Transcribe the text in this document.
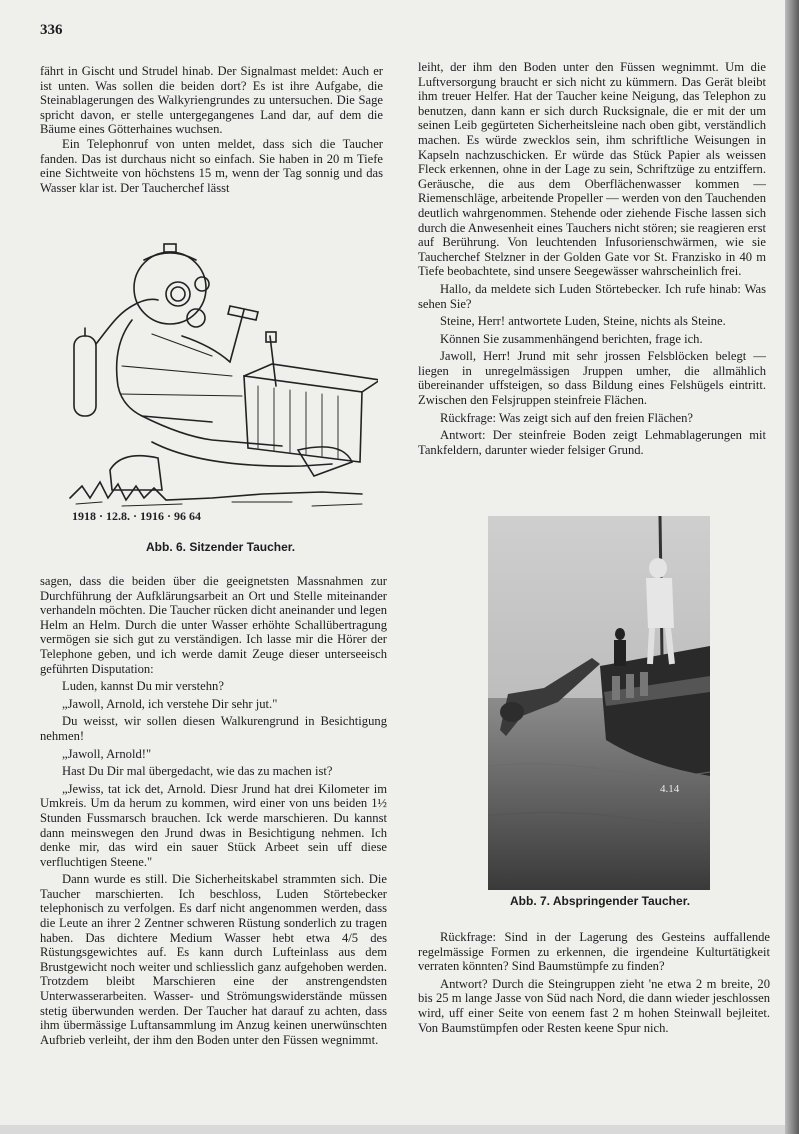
336

fährt in Gischt und Strudel hinab. Der Signalmast meldet: Auch er ist unten. Was sollen die beiden dort? Es ist ihre Aufgabe, die Steinablagerungen des Walkyriengrundes zu untersuchen. Die Sage spricht davon, er stelle untergegangenes Land dar, auf dem die Bäume eines Götterhaines wuchsen.

Ein Telephonruf von unten meldet, dass sich die Taucher fanden. Das ist durchaus nicht so einfach. Sie haben in 20 m Tiefe eine Sichtweite von höchstens 15 m, wenn der Tag sonnig und das Wasser klar ist. Der Taucherchef lässt

1918 · 12.8. · 1916 · 96 64
Abb. 6. Sitzender Taucher.

sagen, dass die beiden über die geeignetsten Massnahmen zur Durchführung der Aufklärungsarbeit an Ort und Stelle miteinander verhandeln möchten. Die Taucher rücken dicht aneinander und legen Helm an Helm. Durch die unter Wasser erhöhte Schallübertragung vermögen sie sich gut zu verständigen. Ich lasse mir die Hörer der Telephone geben, und ich werde damit Zeuge dieser unterseeisch geführten Disputation:

Luden, kannst Du mir verstehn?

„Jawoll, Arnold, ich verstehe Dir sehr jut."

Du weisst, wir sollen diesen Walkurengrund in Besichtigung nehmen!

„Jawoll, Arnold!"

Hast Du Dir mal übergedacht, wie das zu machen ist?

„Jewiss, tat ick det, Arnold. Diesr Jrund hat drei Kilometer im Umkreis. Um da herum zu kommen, wird einer von uns beiden 1½ Stunden Fussmarsch brauchen. Ick werde marschieren. Du kannst dann meinswegen den Jrund dwas in Besichtigung nehmen. Ich denke mir, das wird ein sauer Stück Arbeet sein uff diese verfluchtigen Steene."

Dann wurde es still. Die Sicherheitskabel strammten sich. Die Taucher marschierten. Ich beschloss, Luden Störtebecker telephonisch zu verfolgen. Es darf nicht angenommen werden, dass die Leute an ihrer 2 Zentner schweren Rüstung sonderlich zu tragen haben. Das dichtere Medium Wasser hebt etwa 4/5 des Rüstungsgewichtes auf. Es kann durch Lufteinlass aus dem Brustgewicht noch weiter und schliesslich ganz aufgehoben werden. Trotzdem bleibt Marschieren eine der anstrengendsten Unterwasserarbeiten. Wasser- und Strömungswiderstände müssen stetig überwunden werden. Der Taucher hat darauf zu achten, dass ihm übermässige Luftansammlung im Anzug keinen unerwünschten Aufbrieb verleiht, der ihm den Boden unter den Füssen wegnimmt.

leiht, der ihm den Boden unter den Füssen wegnimmt. Um die Luftversorgung braucht er sich nicht zu kümmern. Das Gerät bleibt ihm treuer Helfer. Hat der Taucher keine Neigung, das Telephon zu benutzen, dann kann er sich durch Rucksignale, die er mit der um seinen Leib gegürteten Sicherheitsleine nach oben gibt, verständlich machen. Es würde zwecklos sein, ihm schriftliche Weisungen in Kapseln nachzuschicken. Er würde das Stück Papier als weissen Fleck erkennen, ohne in der Lage zu sein, Schriftzüge zu entziffern. Geräusche, die aus dem Oberflächenwasser kommen — Riemenschläge, arbeitende Propeller — werden von den Tauchenden deutlich wahrgenommen. Stehende oder ziehende Fische lassen sich durch die Anwesenheit eines Tauchers nicht stören; sie reagieren erst auf Berührung. Von leuchtenden Infusorienschwärmen, wie sie Taucherchef Stelzner in der Golden Gate vor St. Franzisko in 40 m Tiefe beobachtete, sind unsere Seegewässer wahrscheinlich frei.

Hallo, da meldete sich Luden Störtebecker. Ich rufe hinab: Was sehen Sie?

Steine, Herr! antwortete Luden, Steine, nichts als Steine.

Können Sie zusammenhängend berichten, frage ich.

Jawoll, Herr! Jrund mit sehr jrossen Felsblöcken belegt — liegen in unregelmässigen Jruppen umher, die allmählich übereinander uffsteigen, so dass Bildung eines Felshügels eintritt. Zwischen den Felsjruppen steinfreie Flächen.

Rückfrage: Was zeigt sich auf den freien Flächen?

Antwort: Der steinfreie Boden zeigt Lehmablagerungen mit Tankfeldern, darunter wieder felsiger Grund.

4.14
Abb. 7. Abspringender Taucher.

Rückfrage: Sind in der Lagerung des Gesteins auffallende regelmässige Formen zu erkennen, die irgendeine Kulturtätigkeit verraten könnten? Sind Baumstümpfe zu finden?

Antwort? Durch die Steingruppen zieht 'ne etwa 2 m breite, 20 bis 25 m lange Jasse von Süd nach Nord, die dann wieder jeschlossen wird, uff einer Seite von eenem fast 2 m hohen Steinwall bejleitet. Von Baumstümpfen oder Resten keene Spur nich.
